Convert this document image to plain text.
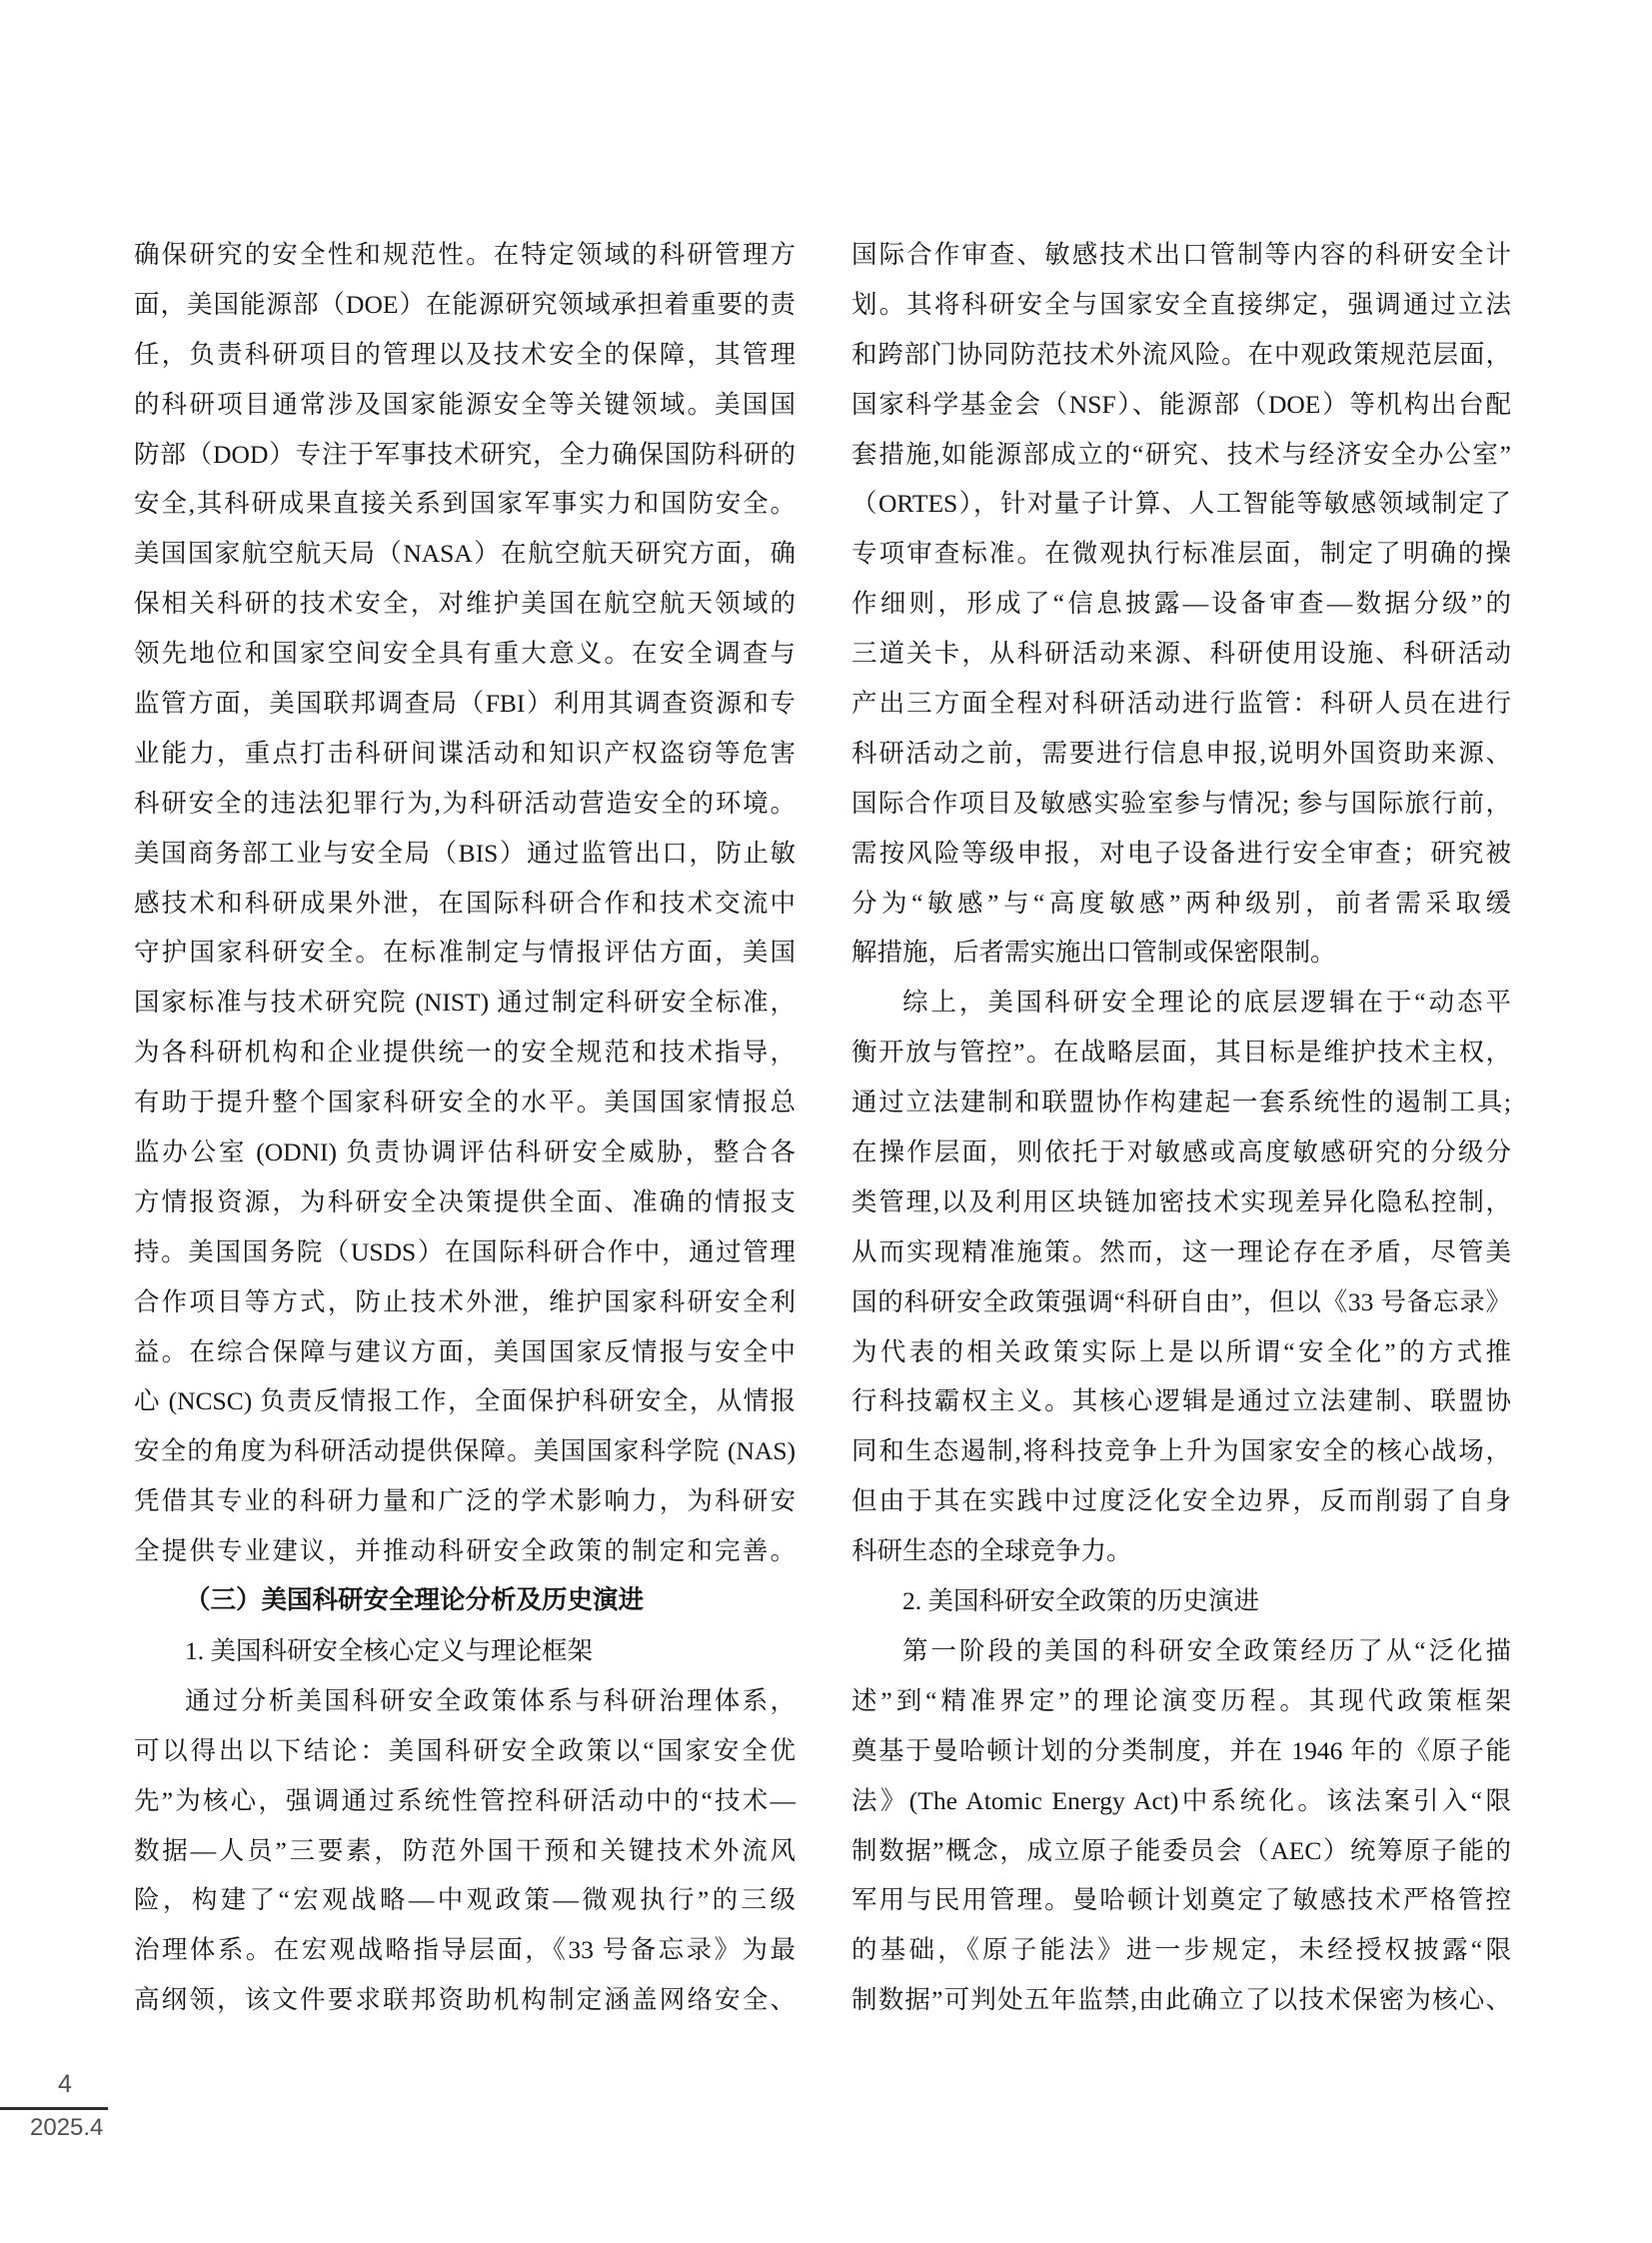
确保研究的安全性和规范性。在特定领域的科研管理方
面，美国能源部（DOE）在能源研究领域承担着重要的责
任，负责科研项目的管理以及技术安全的保障，其管理
的科研项目通常涉及国家能源安全等关键领域。美国国
防部（DOD）专注于军事技术研究，全力确保国防科研的
安全,其科研成果直接关系到国家军事实力和国防安全。
美国国家航空航天局（NASA）在航空航天研究方面，确
保相关科研的技术安全，对维护美国在航空航天领域的
领先地位和国家空间安全具有重大意义。在安全调查与
监管方面，美国联邦调查局（FBI）利用其调查资源和专
业能力，重点打击科研间谍活动和知识产权盗窃等危害
科研安全的违法犯罪行为,为科研活动营造安全的环境。
美国商务部工业与安全局（BIS）通过监管出口，防止敏
感技术和科研成果外泄，在国际科研合作和技术交流中
守护国家科研安全。在标准制定与情报评估方面，美国
国家标准与技术研究院 (NIST) 通过制定科研安全标准，
为各科研机构和企业提供统一的安全规范和技术指导，
有助于提升整个国家科研安全的水平。美国国家情报总
监办公室 (ODNI) 负责协调评估科研安全威胁，整合各
方情报资源，为科研安全决策提供全面、准确的情报支
持。美国国务院（USDS）在国际科研合作中，通过管理
合作项目等方式，防止技术外泄，维护国家科研安全利
益。在综合保障与建议方面，美国国家反情报与安全中
心 (NCSC) 负责反情报工作，全面保护科研安全，从情报
安全的角度为科研活动提供保障。美国国家科学院 (NAS)
凭借其专业的科研力量和广泛的学术影响力，为科研安
全提供专业建议，并推动科研安全政策的制定和完善。
（三）美国科研安全理论分析及历史演进
1. 美国科研安全核心定义与理论框架
通过分析美国科研安全政策体系与科研治理体系，
可以得出以下结论：美国科研安全政策以“国家安全优
先”为核心，强调通过系统性管控科研活动中的“技术—
数据—人员”三要素，防范外国干预和关键技术外流风
险，构建了“宏观战略—中观政策—微观执行”的三级
治理体系。在宏观战略指导层面，《33 号备忘录》为最
高纲领，该文件要求联邦资助机构制定涵盖网络安全、
国际合作审查、敏感技术出口管制等内容的科研安全计
划。其将科研安全与国家安全直接绑定，强调通过立法
和跨部门协同防范技术外流风险。在中观政策规范层面，
国家科学基金会（NSF）、能源部（DOE）等机构出台配
套措施,如能源部成立的“研究、技术与经济安全办公室”
（ORTES），针对量子计算、人工智能等敏感领域制定了
专项审查标准。在微观执行标准层面，制定了明确的操
作细则，形成了“信息披露—设备审查—数据分级”的
三道关卡，从科研活动来源、科研使用设施、科研活动
产出三方面全程对科研活动进行监管：科研人员在进行
科研活动之前，需要进行信息申报,说明外国资助来源、
国际合作项目及敏感实验室参与情况; 参与国际旅行前，
需按风险等级申报，对电子设备进行安全审查；研究被
分为“敏感”与“高度敏感”两种级别，前者需采取缓
解措施，后者需实施出口管制或保密限制。
综上，美国科研安全理论的底层逻辑在于“动态平
衡开放与管控”。在战略层面，其目标是维护技术主权，
通过立法建制和联盟协作构建起一套系统性的遏制工具;
在操作层面，则依托于对敏感或高度敏感研究的分级分
类管理,以及利用区块链加密技术实现差异化隐私控制，
从而实现精准施策。然而，这一理论存在矛盾，尽管美
国的科研安全政策强调“科研自由”，但以《33 号备忘录》
为代表的相关政策实际上是以所谓“安全化”的方式推
行科技霸权主义。其核心逻辑是通过立法建制、联盟协
同和生态遏制,将科技竞争上升为国家安全的核心战场，
但由于其在实践中过度泛化安全边界，反而削弱了自身
科研生态的全球竞争力。
2. 美国科研安全政策的历史演进
第一阶段的美国的科研安全政策经历了从“泛化描
述”到“精准界定”的理论演变历程。其现代政策框架
奠基于曼哈顿计划的分类制度，并在 1946 年的《原子能
法》(The Atomic Energy Act)中系统化。该法案引入“限
制数据”概念，成立原子能委员会（AEC）统筹原子能的
军用与民用管理。曼哈顿计划奠定了敏感技术严格管控
的基础，《原子能法》进一步规定，未经授权披露“限
制数据”可判处五年监禁,由此确立了以技术保密为核心、
4
2025.4
